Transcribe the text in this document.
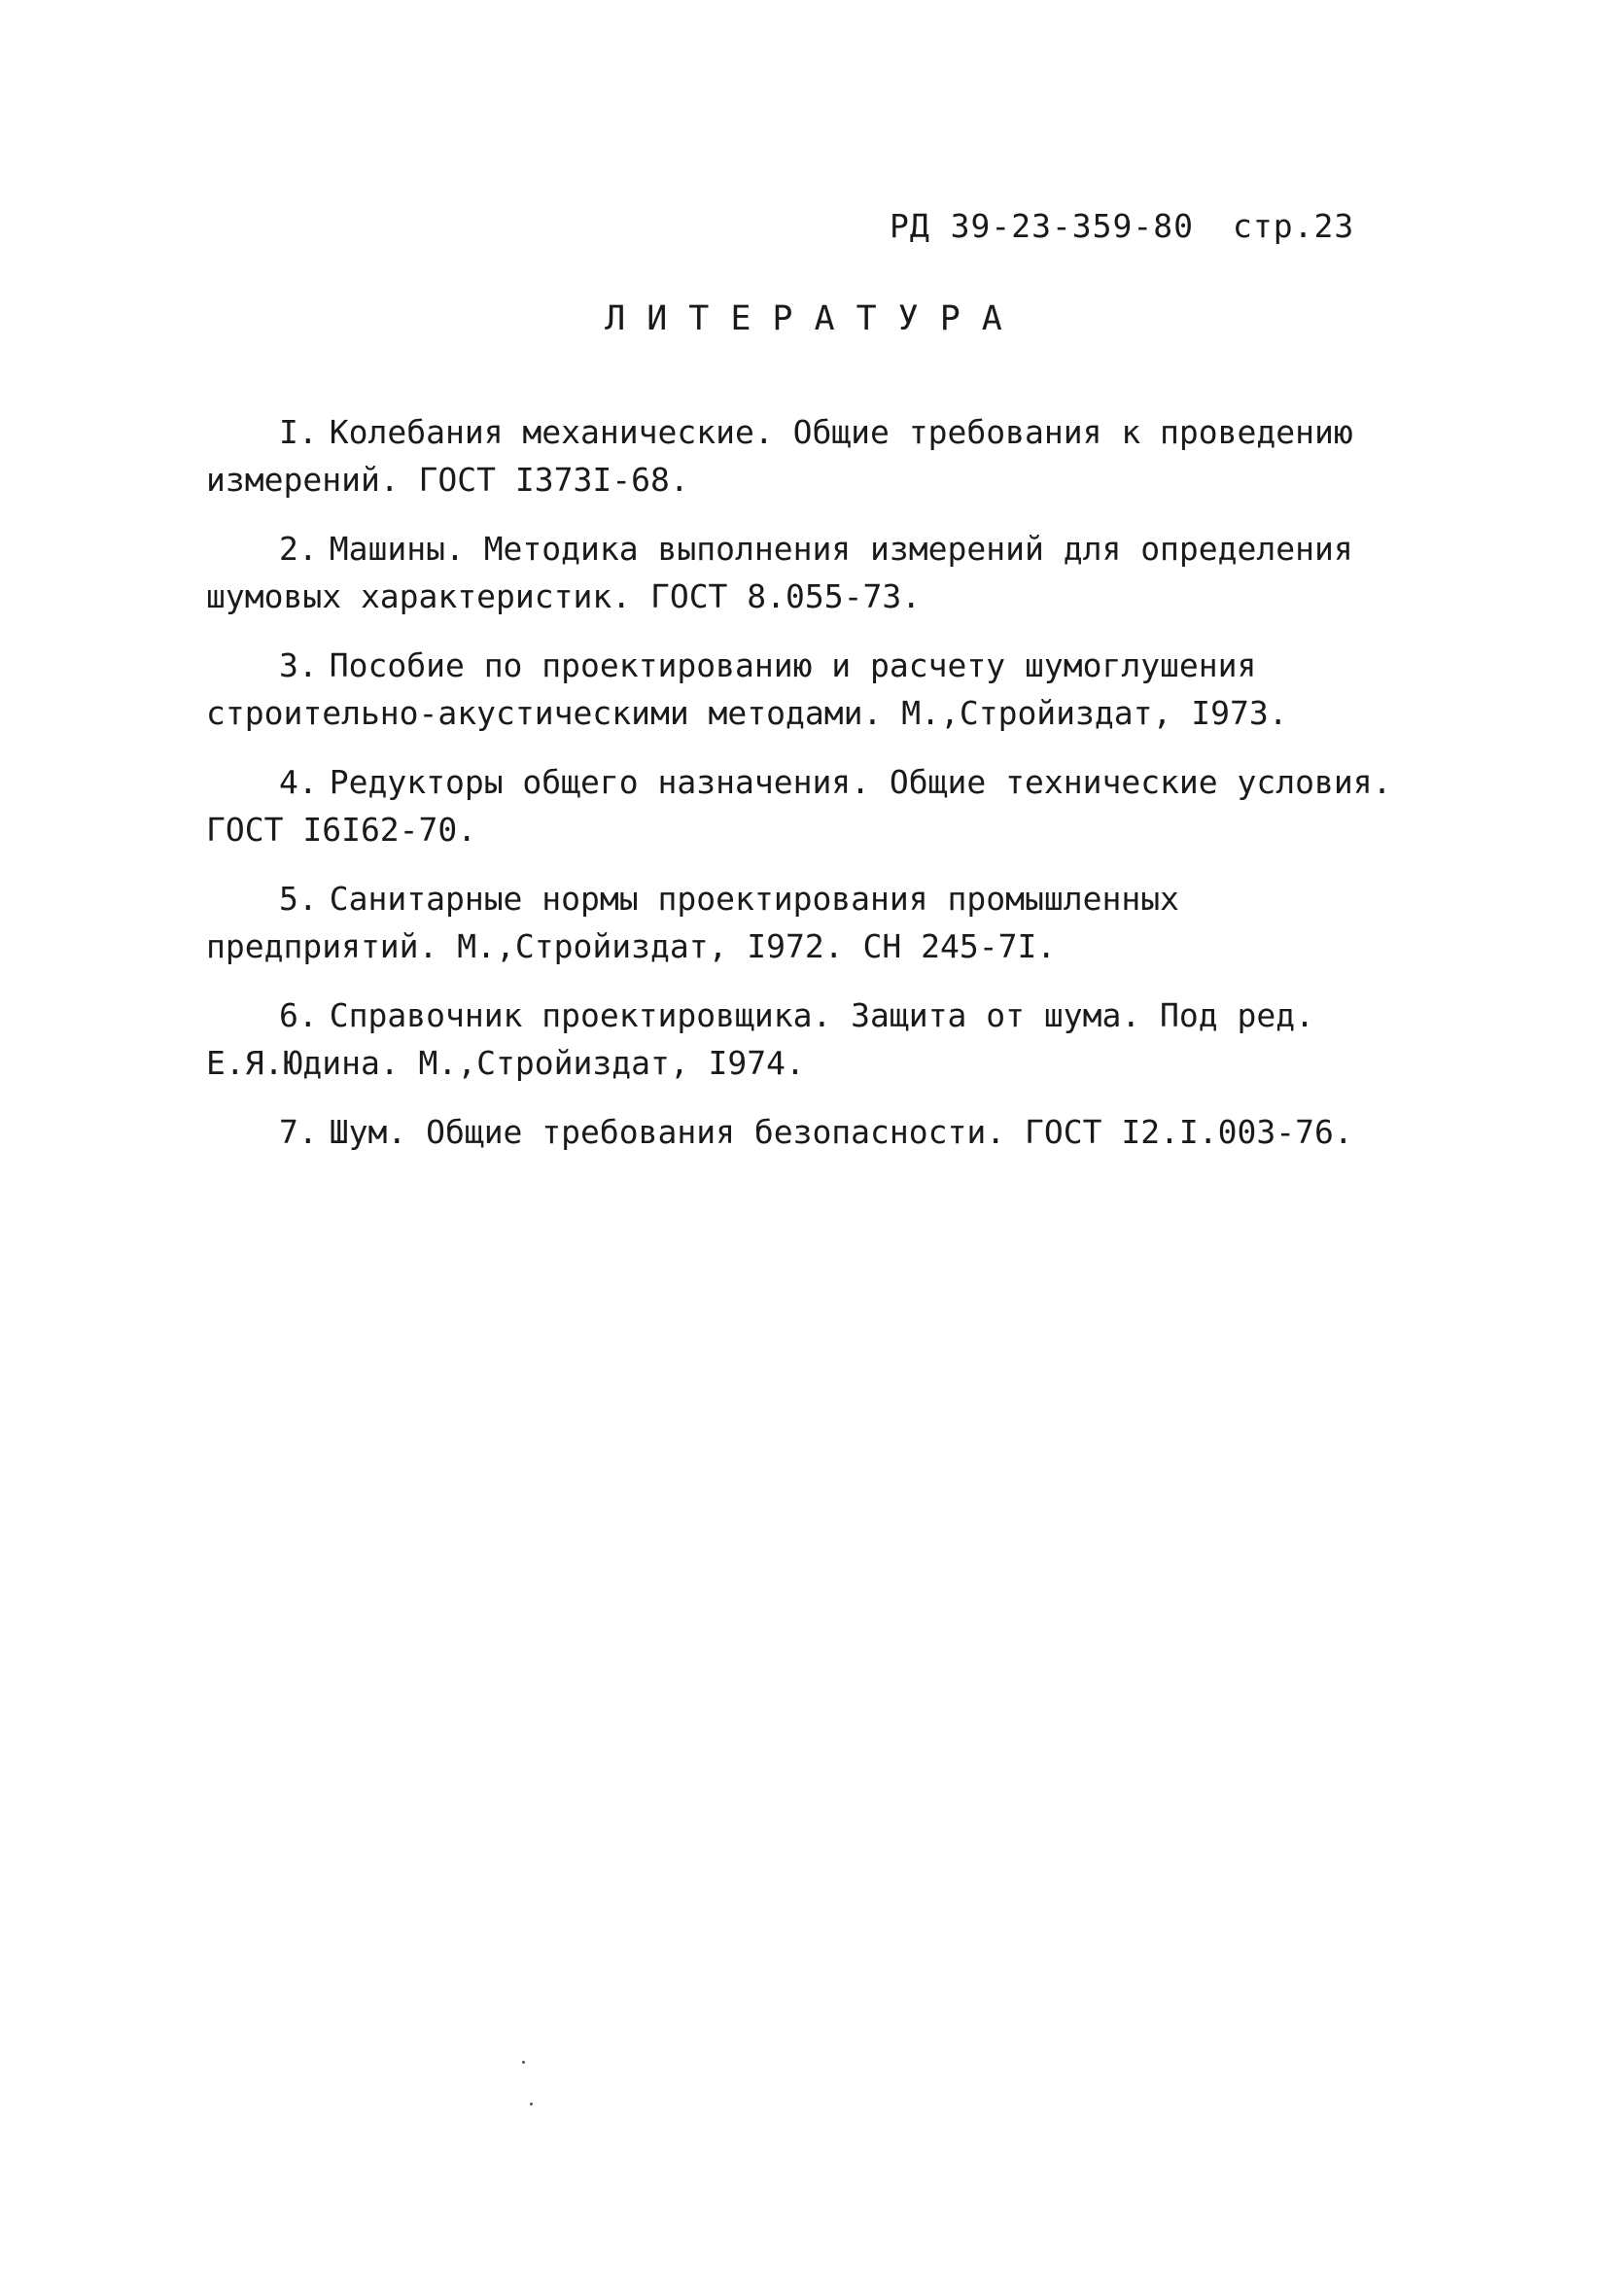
РД 39-23-359-80 стр.23
ЛИТЕРАТУРА
I. Колебания механические. Общие требования к проведению измерений. ГОСТ I373I-68.
2. Машины. Методика выполнения измерений для определения шумовых характеристик. ГОСТ 8.055-73.
3. Пособие по проектированию и расчету шумоглушения строительно-акустическими методами. М.,Стройиздат, I973.
4. Редукторы общего назначения. Общие технические условия. ГОСТ I6I62-70.
5. Санитарные нормы проектирования промышленных предприятий. М.,Стройиздат, I972. СН 245-7I.
6. Справочник проектировщика. Защита от шума. Под ред. Е.Я.Юдина. М.,Стройиздат, I974.
7. Шум. Общие требования безопасности. ГОСТ I2.I.003-76.
